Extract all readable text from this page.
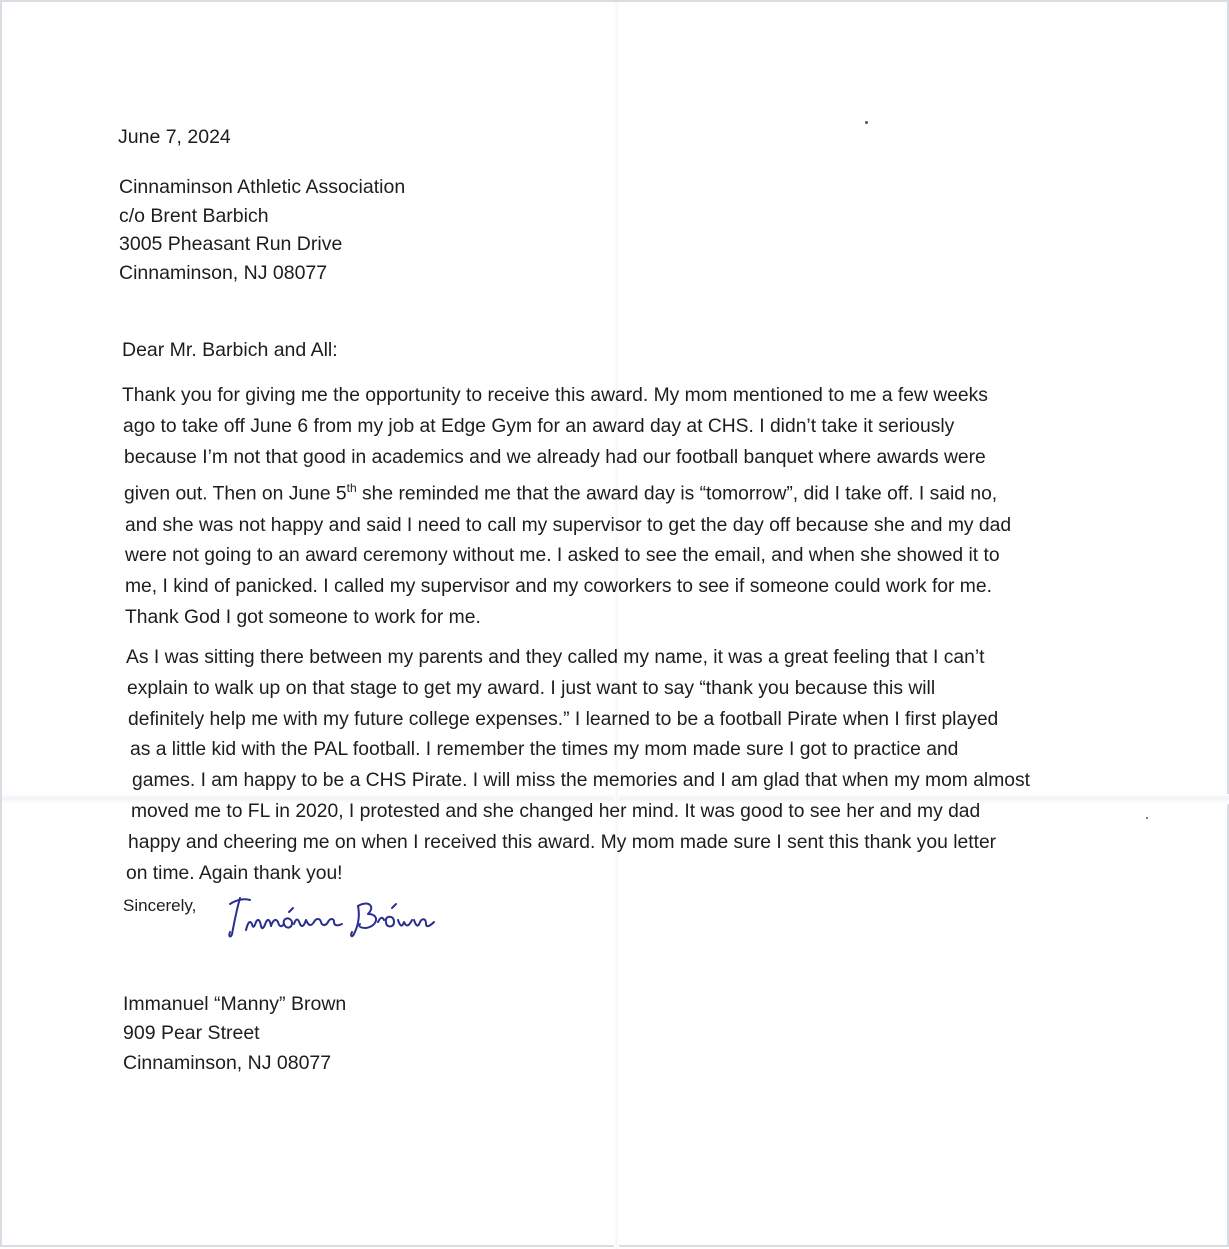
June 7, 2024
Cinnaminson Athletic Association
c/o Brent Barbich
3005 Pheasant Run Drive
Cinnaminson, NJ 08077
Dear Mr. Barbich and All:
Thank you for giving me the opportunity to receive this award. My mom mentioned to me a few weeks
ago to take off June 6 from my job at Edge Gym for an award day at CHS. I didn’t take it seriously
because I’m not that good in academics and we already had our football banquet where awards were
given out. Then on June 5th she reminded me that the award day is “tomorrow”, did I take off. I said no,
and she was not happy and said I need to call my supervisor to get the day off because she and my dad
were not going to an award ceremony without me. I asked to see the email, and when she showed it to
me, I kind of panicked. I called my supervisor and my coworkers to see if someone could work for me.
Thank God I got someone to work for me.
As I was sitting there between my parents and they called my name, it was a great feeling that I can’t
explain to walk up on that stage to get my award. I just want to say “thank you because this will
definitely help me with my future college expenses.” I learned to be a football Pirate when I first played
as a little kid with the PAL football. I remember the times my mom made sure I got to practice and
games. I am happy to be a CHS Pirate. I will miss the memories and I am glad that when my mom almost
moved me to FL in 2020, I protested and she changed her mind. It was good to see her and my dad
happy and cheering me on when I received this award. My mom made sure I sent this thank you letter
on time. Again thank you!
Sincerely,
Immanuel “Manny” Brown
909 Pear Street
Cinnaminson, NJ 08077
